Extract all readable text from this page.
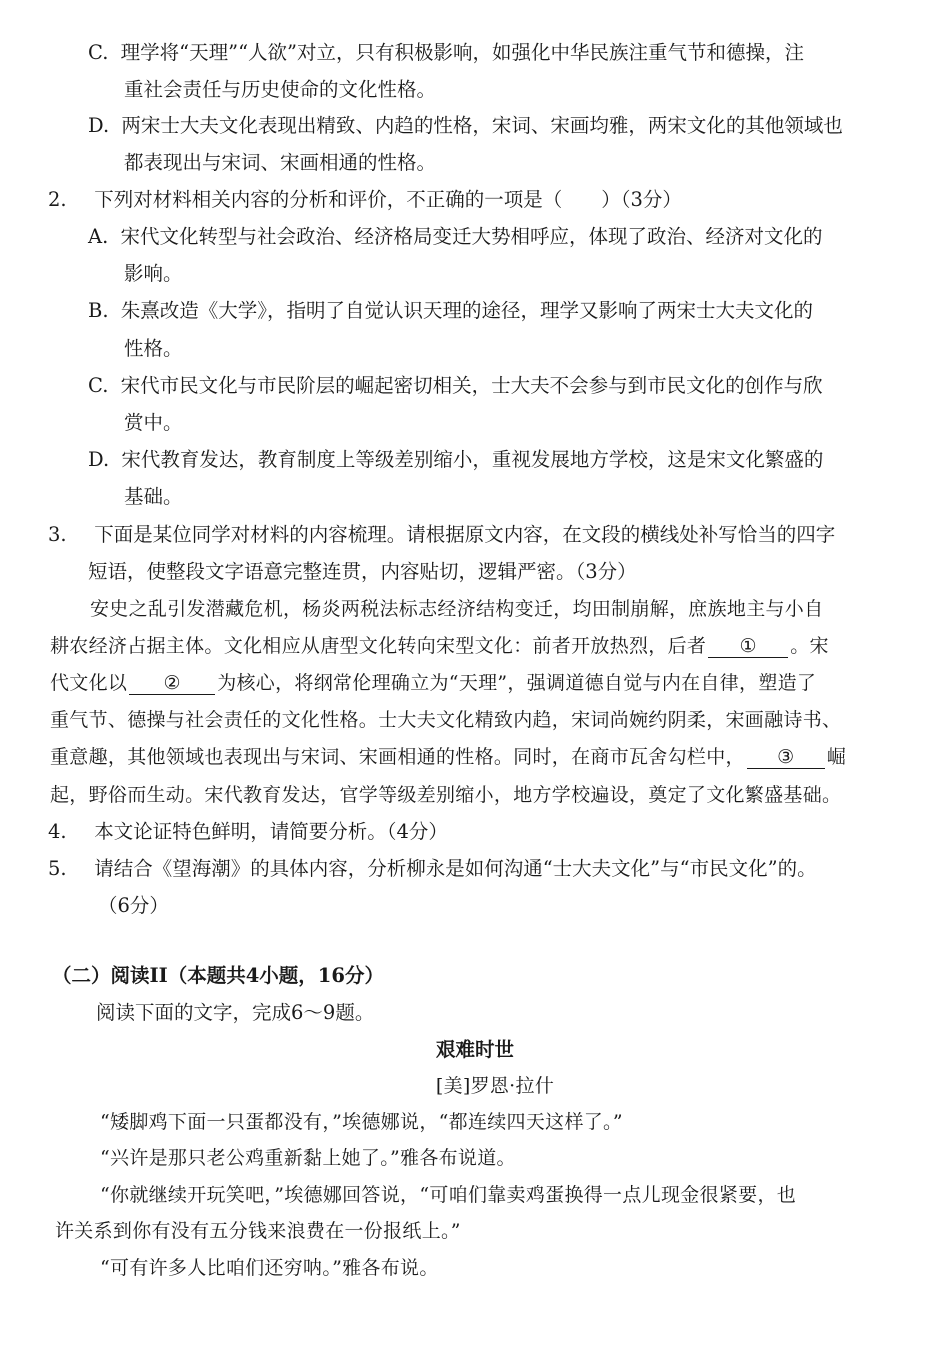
C. 理学将“天理”“人欲”对立，只有积极影响，如强化中华民族注重气节和德操，注
重社会责任与历史使命的文化性格。
D. 两宋士大夫文化表现出精致、内趋的性格，宋词、宋画均雅，两宋文化的其他领域也
都表现出与宋词、宋画相通的性格。
2. 下列对材料相关内容的分析和评价，不正确的一项是（　　）（3分）
A. 宋代文化转型与社会政治、经济格局变迁大势相呼应，体现了政治、经济对文化的
影响。
B. 朱熹改造《大学》，指明了自觉认识天理的途径，理学又影响了两宋士大夫文化的
性格。
C. 宋代市民文化与市民阶层的崛起密切相关，士大夫不会参与到市民文化的创作与欣
赏中。
D. 宋代教育发达，教育制度上等级差别缩小，重视发展地方学校，这是宋文化繁盛的
基础。
3. 下面是某位同学对材料的内容梳理。请根据原文内容，在文段的横线处补写恰当的四字
短语，使整段文字语意完整连贯，内容贴切，逻辑严密。（3分）
安史之乱引发潜藏危机，杨炎两税法标志经济结构变迁，均田制崩解，庶族地主与小自
耕农经济占据主体。文化相应从唐型文化转向宋型文化：前者开放热烈，后者 ① 。宋
代文化以 ② 为核心，将纲常伦理确立为“天理”，强调道德自觉与内在自律，塑造了
重气节、德操与社会责任的文化性格。士大夫文化精致内趋，宋词尚婉约阴柔，宋画融诗书、
重意趣，其他领域也表现出与宋词、宋画相通的性格。同时，在商市瓦舍勾栏中， ③ 崛
起，野俗而生动。宋代教育发达，官学等级差别缩小，地方学校遍设，奠定了文化繁盛基础。
4. 本文论证特色鲜明，请简要分析。（4分）
5. 请结合《望海潮》的具体内容，分析柳永是如何沟通“士大夫文化”与“市民文化”的。
（6分）
（二）阅读II（本题共4小题，16分）
阅读下面的文字，完成6～9题。
艰难时世
[美]罗恩·拉什
“矮脚鸡下面一只蛋都没有，”埃德娜说，“都连续四天这样了。”
“兴许是那只老公鸡重新黏上她了。”雅各布说道。
“你就继续开玩笑吧，”埃德娜回答说，“可咱们靠卖鸡蛋换得一点儿现金很紧要，也
许关系到你有没有五分钱来浪费在一份报纸上。”
“可有许多人比咱们还穷呐。”雅各布说。
